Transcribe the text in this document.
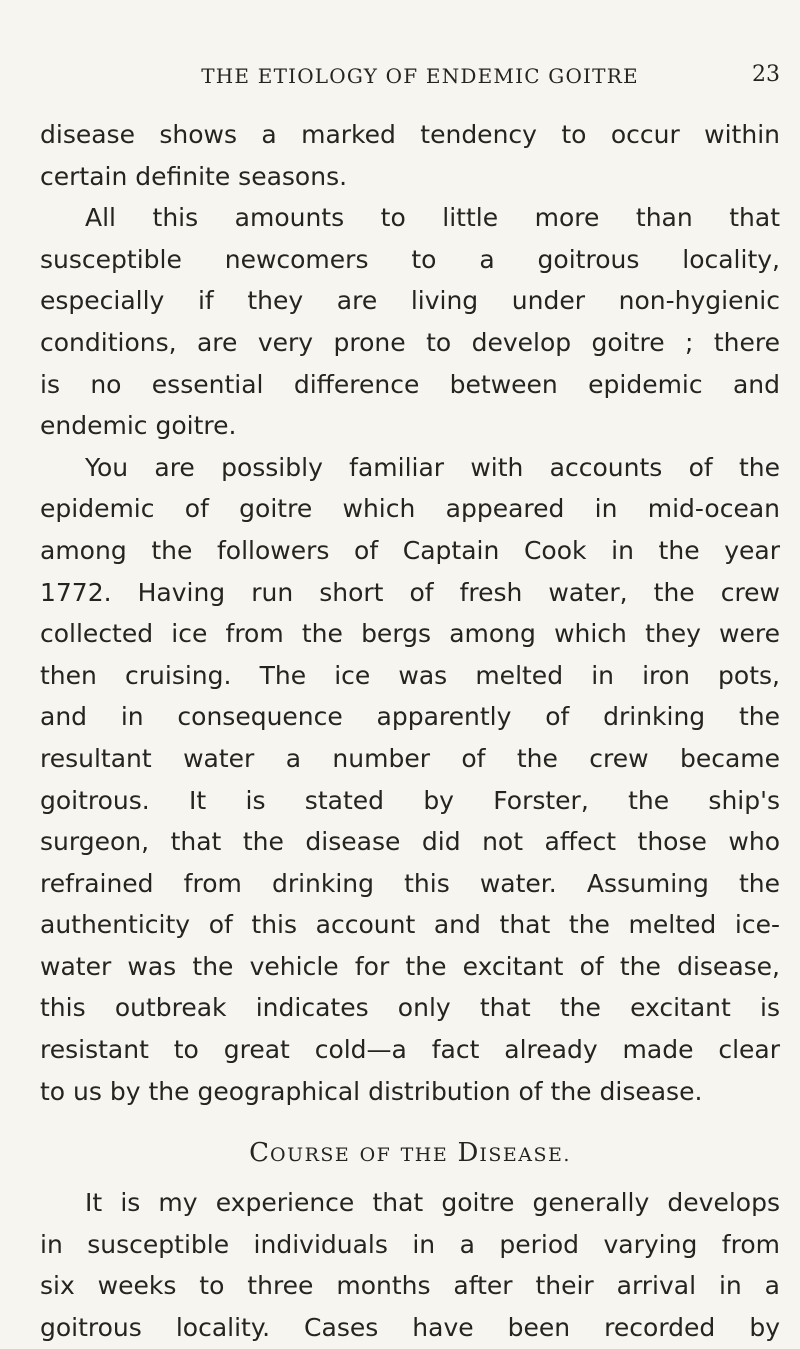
THE ETIOLOGY OF ENDEMIC GOITRE	23
disease shows a marked tendency to occur within
certain definite seasons.
All this amounts to little more than that
susceptible newcomers to a goitrous locality,
especially if they are living under non-hygienic
conditions, are very prone to develop goitre ; there
is no essential difference between epidemic and
endemic goitre.
You are possibly familiar with accounts of the
epidemic of goitre which appeared in mid-ocean
among the followers of Captain Cook in the year
1772. Having run short of fresh water, the crew
collected ice from the bergs among which they were
then cruising. The ice was melted in iron pots,
and in consequence apparently of drinking the
resultant water a number of the crew became
goitrous. It is stated by Forster, the ship's
surgeon, that the disease did not affect those who
refrained from drinking this water. Assuming the
authenticity of this account and that the melted ice-
water was the vehicle for the excitant of the disease,
this outbreak indicates only that the excitant is
resistant to great cold—a fact already made clear
to us by the geographical distribution of the disease.
COURSE OF THE DISEASE.
It is my experience that goitre generally develops
in susceptible individuals in a period varying from
six weeks to three months after their arrival in a
goitrous locality. Cases have been recorded by
